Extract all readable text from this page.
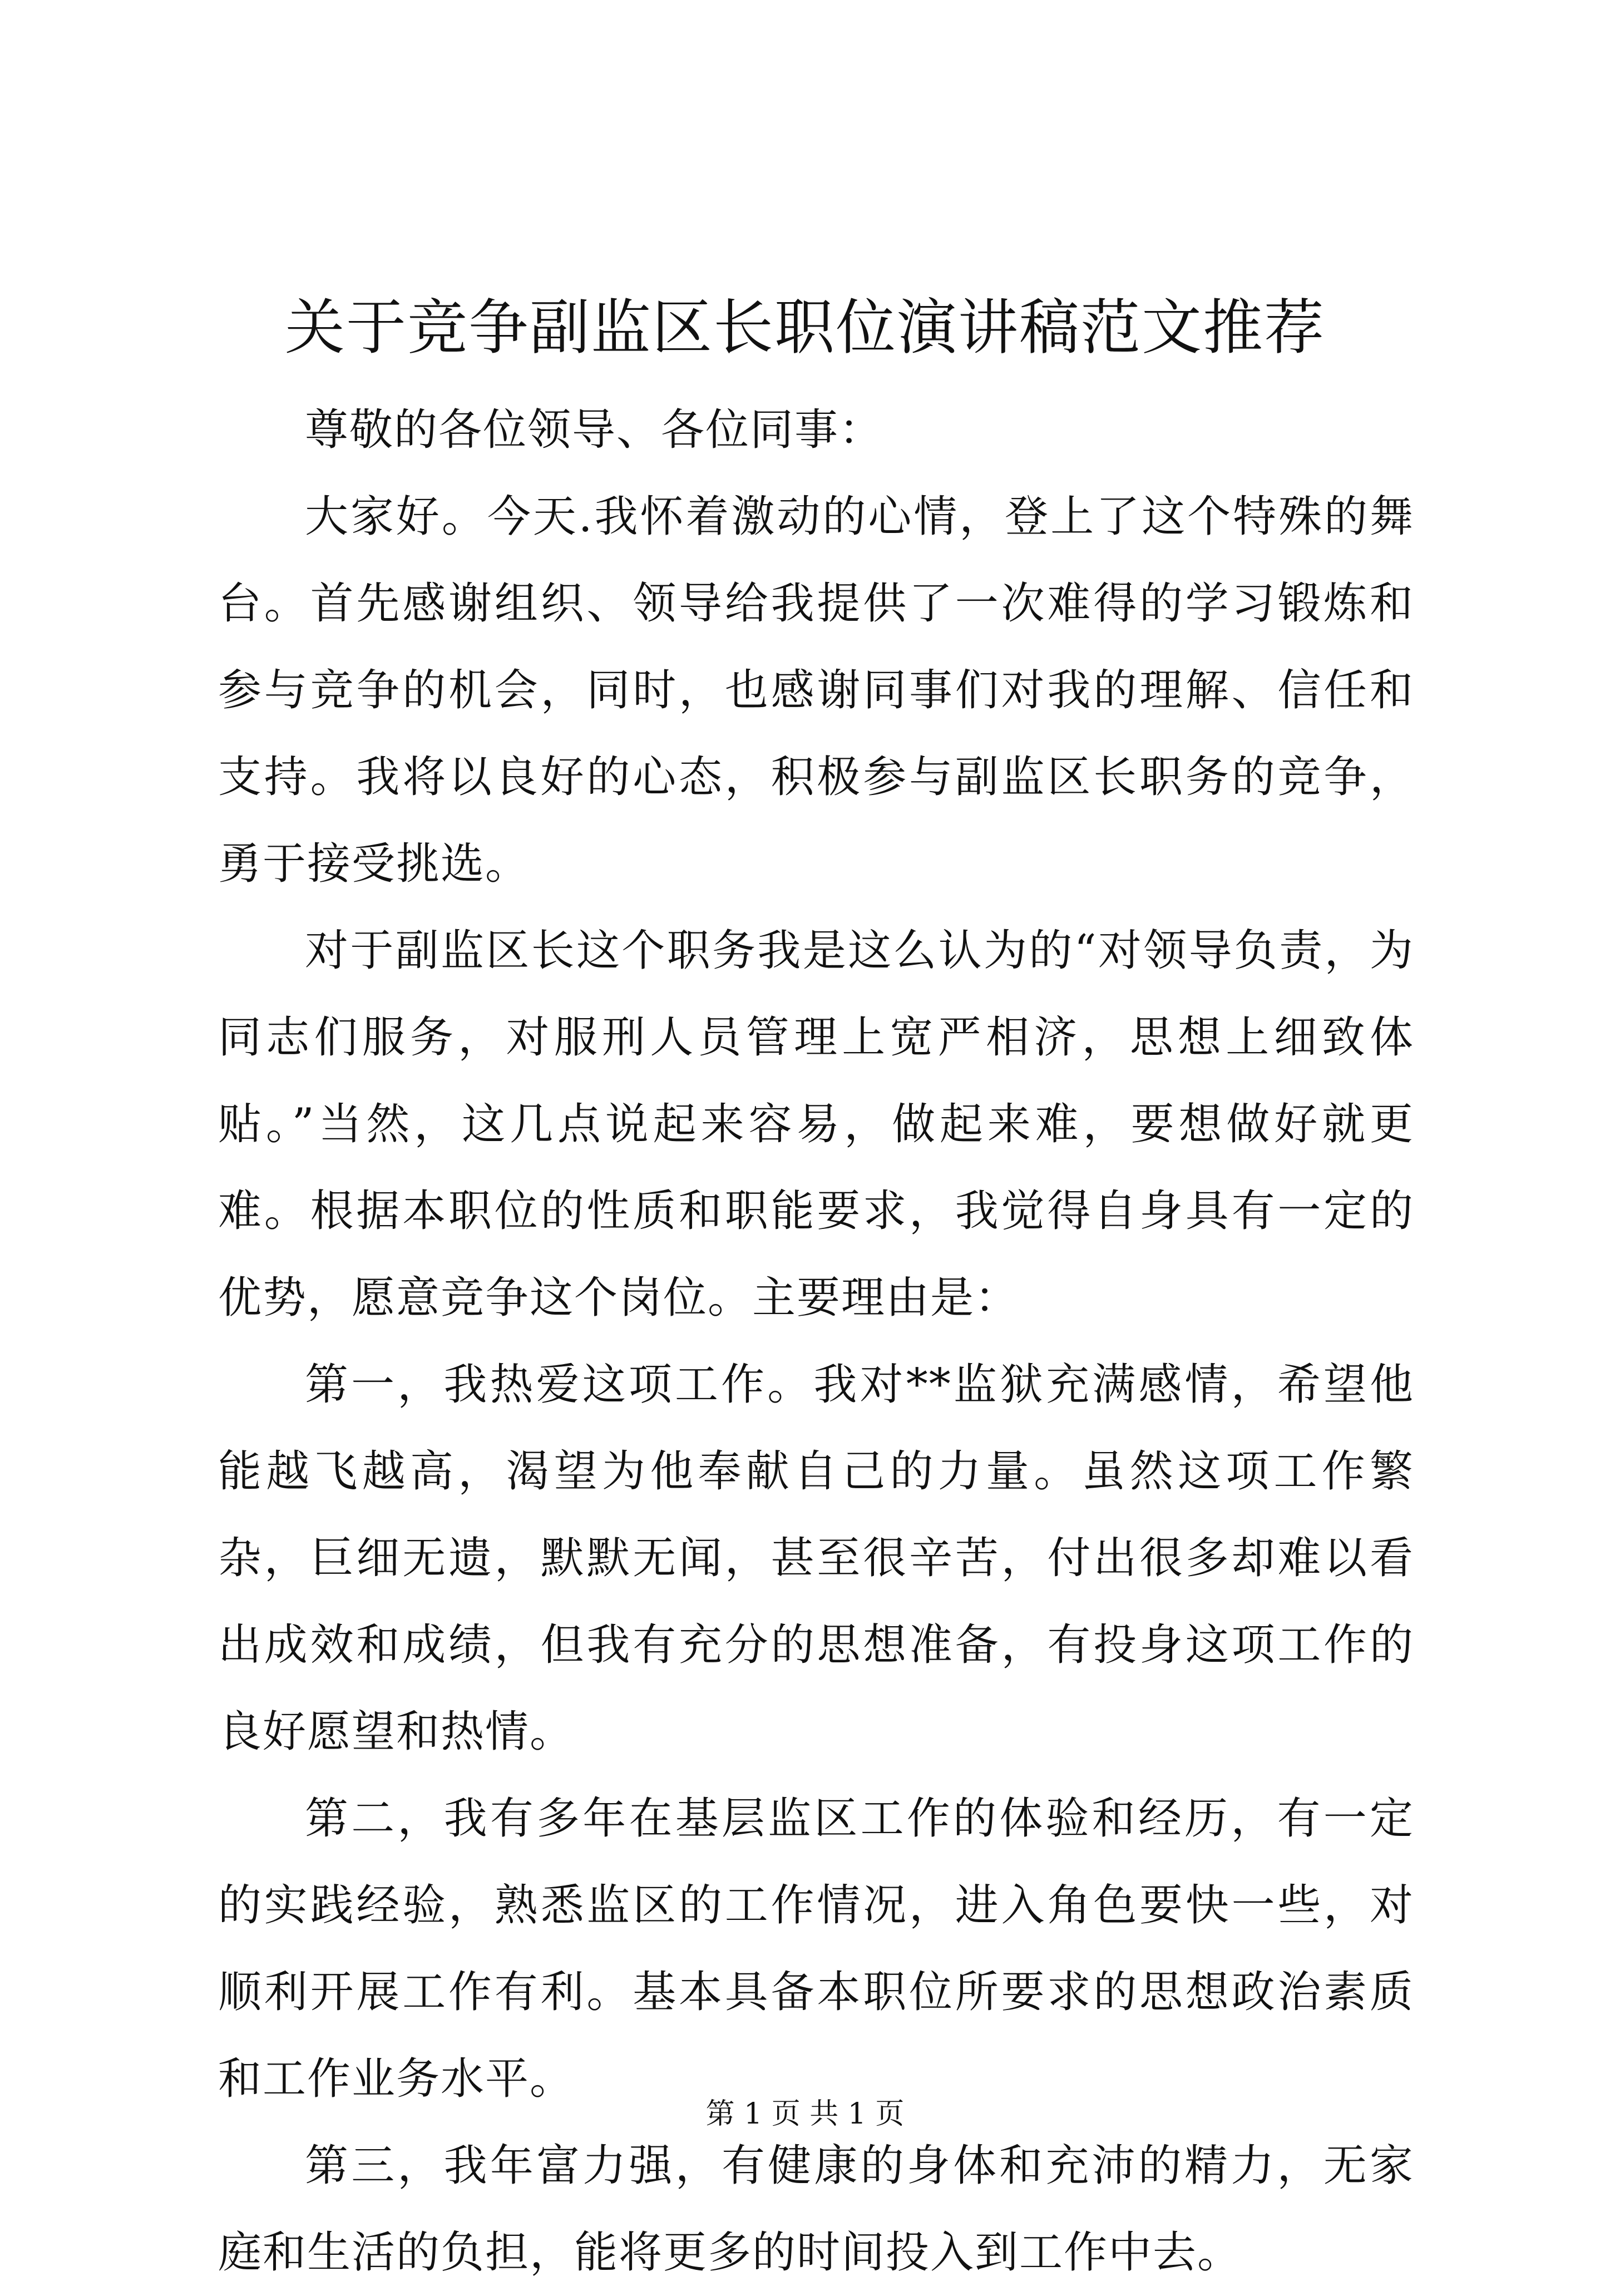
关于竞争副监区长职位演讲稿范文推荐

尊敬的各位领导、各位同事：

大家好。今天.我怀着激动的心情，登上了这个特殊的舞台。首先感谢组织、领导给我提供了一次难得的学习锻炼和参与竞争的机会，同时，也感谢同事们对我的理解、信任和支持。我将以良好的心态，积极参与副监区长职务的竞争，勇于接受挑选。

对于副监区长这个职务我是这么认为的“对领导负责，为同志们服务，对服刑人员管理上宽严相济，思想上细致体贴。”当然，这几点说起来容易，做起来难，要想做好就更难。根据本职位的性质和职能要求，我觉得自身具有一定的优势，愿意竞争这个岗位。主要理由是：

第一，我热爱这项工作。我对**监狱充满感情，希望他能越飞越高，渴望为他奉献自己的力量。虽然这项工作繁杂，巨细无遗，默默无闻，甚至很辛苦，付出很多却难以看出成效和成绩，但我有充分的思想准备，有投身这项工作的良好愿望和热情。

第二，我有多年在基层监区工作的体验和经历，有一定的实践经验，熟悉监区的工作情况，进入角色要快一些，对顺利开展工作有利。基本具备本职位所要求的思想政治素质和工作业务水平。

第三，我年富力强，有健康的身体和充沛的精力，无家庭和生活的负担，能将更多的时间投入到工作中去。

第 1 页 共 1 页
